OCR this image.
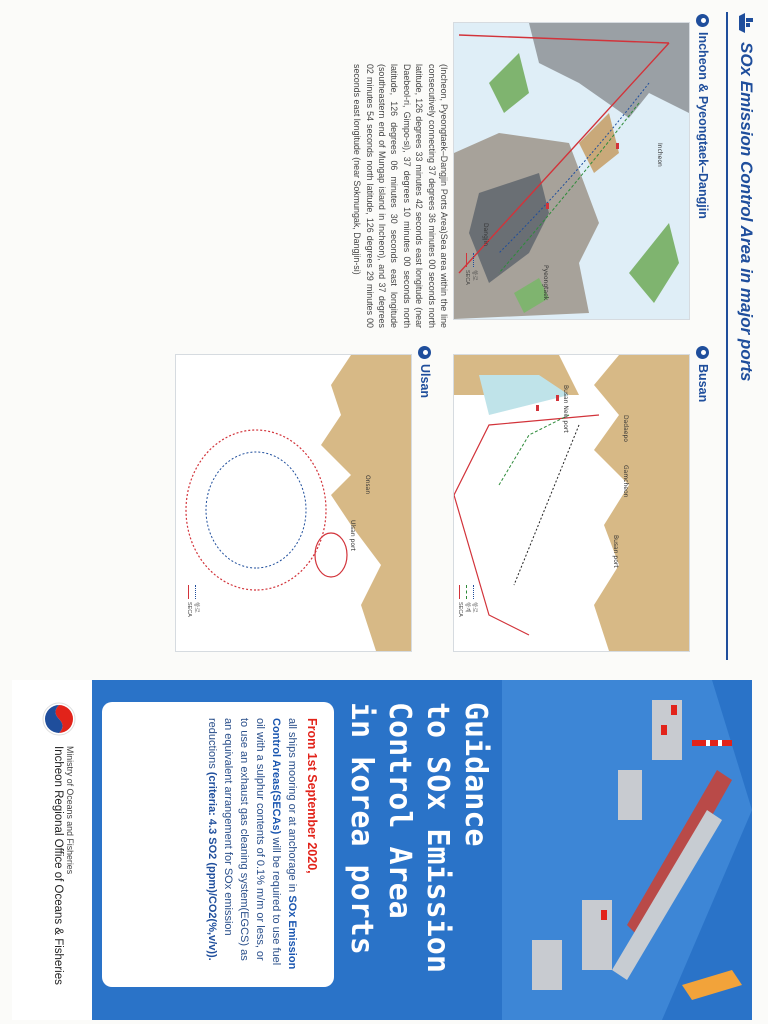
SOx Emission Control Area in major ports
Incheon & Pyeongtaek–Dangjin
Incheon
Pyeongtaek
Dangjin
항로
SECA
(Incheon, Pyeongtaek–Dangjin Ports Area)Sea area within the line consecutively connecting 37 degrees 36 minutes 00 seconds north latitude, 126 degrees 33 minutes 42 seconds east longitude (near Daebeol-ri, Gimpo-si), 37 degrees 10 minutes 00 seconds north latitude, 126 degrees 06 minutes 30 seconds east longitude (southeastern end of Mungap island in Incheon), and 37 degrees 02 minutes 54 seconds north latitude, 126 degrees 29 minutes 00 seconds east longitude (near Sokmungak, Dangjin-si)
Busan
Busan port
Busan New port
Gamcheon
Dadaepo
항로
항계
SECA
Ulsan
Ulsan port
Onsan
항로
SECA
Guidance
to SOx Emission
Control Area
in korea ports
From 1st September 2020,
all ships mooring or at anchorage in SOx Emission Control Areas(SECAs) will be required to use fuel oil with a sulphur contents of 0.1% m/m or less, or to use an exhaust gas cleaning system(EGCS) as an equivalent arrangement for SOx emission reductions (criteria: 4.3 SO2 (ppm)/CO2(%,v/v)).
Ministry of Oceans and Fisheries
Incheon Regional Office of Oceans & Fisheries
